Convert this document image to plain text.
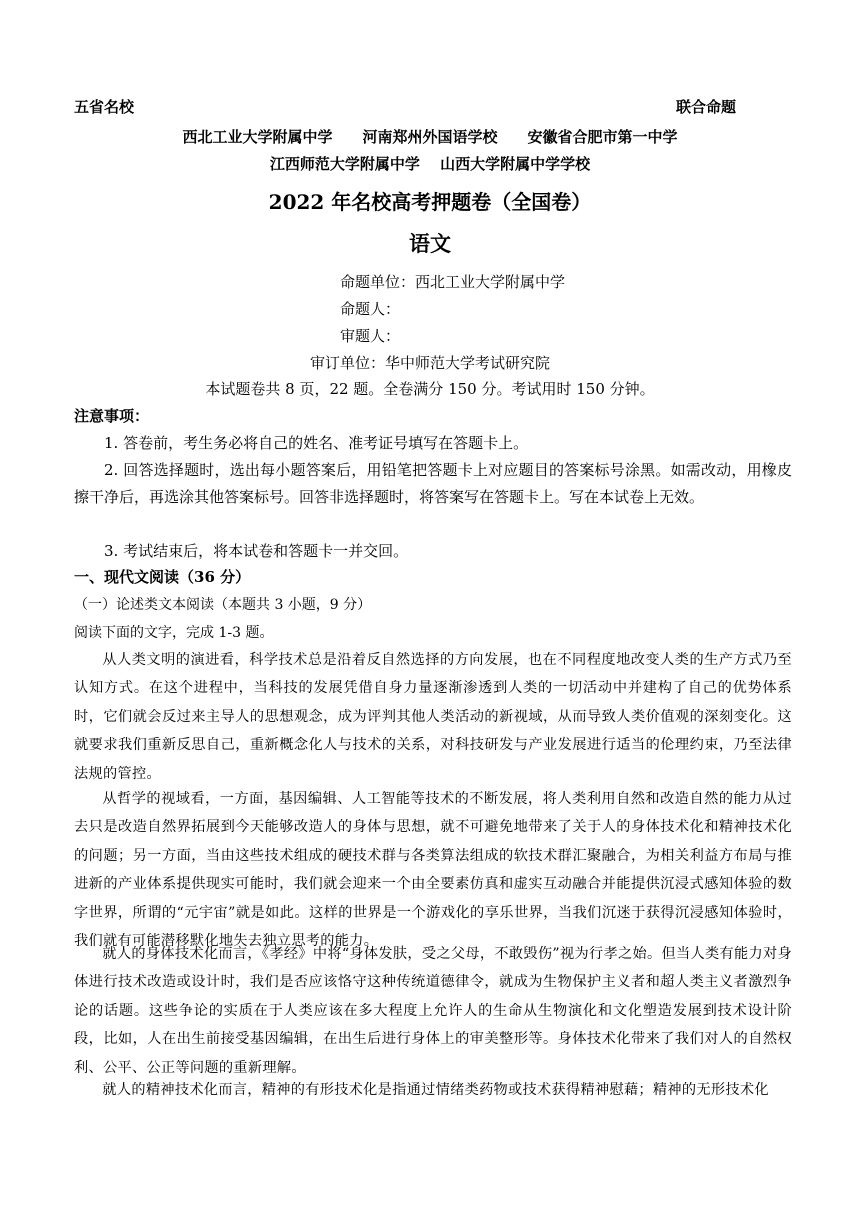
五省名校	联合命题
西北工业大学附属中学　　河南郑州外国语学校　　安徽省合肥市第一中学
江西师范大学附属中学　 山西大学附属中学学校
2022 年名校高考押题卷（全国卷）
语文
命题单位：西北工业大学附属中学
命题人：
审题人：
审订单位：华中师范大学考试研究院
本试题卷共 8 页，22 题。全卷满分 150 分。考试用时 150 分钟。
注意事项：

1. 答卷前，考生务必将自己的姓名、准考证号填写在答题卡上。

2. 回答选择题时，选出每小题答案后，用铅笔把答题卡上对应题目的答案标号涂黑。如需改动，用橡皮擦干净后，再选涂其他答案标号。回答非选择题时，将答案写在答题卡上。写在本试卷上无效。

3. 考试结束后，将本试卷和答题卡一并交回。

一、现代文阅读（36 分）
（一）论述类文本阅读（本题共 3 小题，9 分）
阅读下面的文字，完成 1-3 题。

从人类文明的演进看，科学技术总是沿着反自然选择的方向发展，也在不同程度地改变人类的生产方式乃至认知方式。在这个进程中，当科技的发展凭借自身力量逐渐渗透到人类的一切活动中并建构了自己的优势体系时，它们就会反过来主导人的思想观念，成为评判其他人类活动的新视域，从而导致人类价值观的深刻变化。这就要求我们重新反思自己，重新概念化人与技术的关系，对科技研发与产业发展进行适当的伦理约束，乃至法律法规的管控。

从哲学的视域看，一方面，基因编辑、人工智能等技术的不断发展，将人类利用自然和改造自然的能力从过去只是改造自然界拓展到今天能够改造人的身体与思想，就不可避免地带来了关于人的身体技术化和精神技术化的问题；另一方面，当由这些技术组成的硬技术群与各类算法组成的软技术群汇聚融合，为相关利益方布局与推进新的产业体系提供现实可能时，我们就会迎来一个由全要素仿真和虚实互动融合并能提供沉浸式感知体验的数字世界，所谓的“元宇宙”就是如此。这样的世界是一个游戏化的享乐世界，当我们沉迷于获得沉浸感知体验时，我们就有可能潜移默化地失去独立思考的能力。

就人的身体技术化而言，《孝经》中将“身体发肤，受之父母，不敢毁伤”视为行孝之始。但当人类有能力对身体进行技术改造或设计时，我们是否应该恪守这种传统道德律令，就成为生物保护主义者和超人类主义者激烈争论的话题。这些争论的实质在于人类应该在多大程度上允许人的生命从生物演化和文化塑造发展到技术设计阶段，比如，人在出生前接受基因编辑，在出生后进行身体上的审美整形等。身体技术化带来了我们对人的自然权利、公平、公正等问题的重新理解。

就人的精神技术化而言，精神的有形技术化是指通过情绪类药物或技术获得精神慰藉；精神的无形技术化
